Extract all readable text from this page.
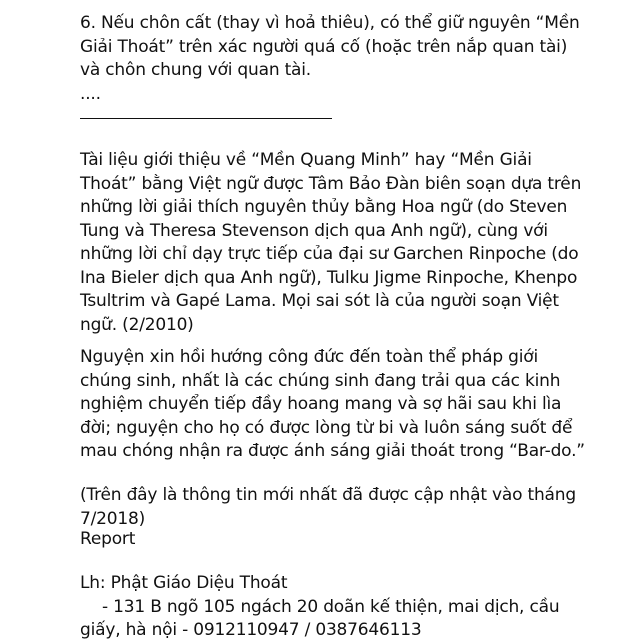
6. Nếu chôn cất (thay vì hoả thiêu), có thể giữ nguyên “Mền
Giải Thoát” trên xác người quá cố (hoặc trên nắp quan tài)
và chôn chung với quan tài.
....
Tài liệu giới thiệu về “Mền Quang Minh” hay “Mền Giải
Thoát” bằng Việt ngữ được Tâm Bảo Đàn biên soạn dựa trên
những lời giải thích nguyên thủy bằng Hoa ngữ (do Steven
Tung và Theresa Stevenson dịch qua Anh ngữ), cùng với
những lời chỉ dạy trực tiếp của đại sư Garchen Rinpoche (do
Ina Bieler dịch qua Anh ngữ), Tulku Jigme Rinpoche, Khenpo
Tsultrim và Gapé Lama. Mọi sai sót là của người soạn Việt
ngữ. (2/2010)
Nguyện xin hồi hướng công đức đến toàn thể pháp giới
chúng sinh, nhất là các chúng sinh đang trải qua các kinh
nghiệm chuyển tiếp đầy hoang mang và sợ hãi sau khi lìa
đời; nguyện cho họ có được lòng từ bi và luôn sáng suốt để
mau chóng nhận ra được ánh sáng giải thoát trong “Bar-do.”
(Trên đây là thông tin mới nhất đã được cập nhật vào tháng
7/2018)
Report
Lh: Phật Giáo Diệu Thoát
- 131 B ngõ 105 ngách 20 doãn kế thiện, mai dịch, cầu
giấy, hà nội - 0912110947 / 0387646113
